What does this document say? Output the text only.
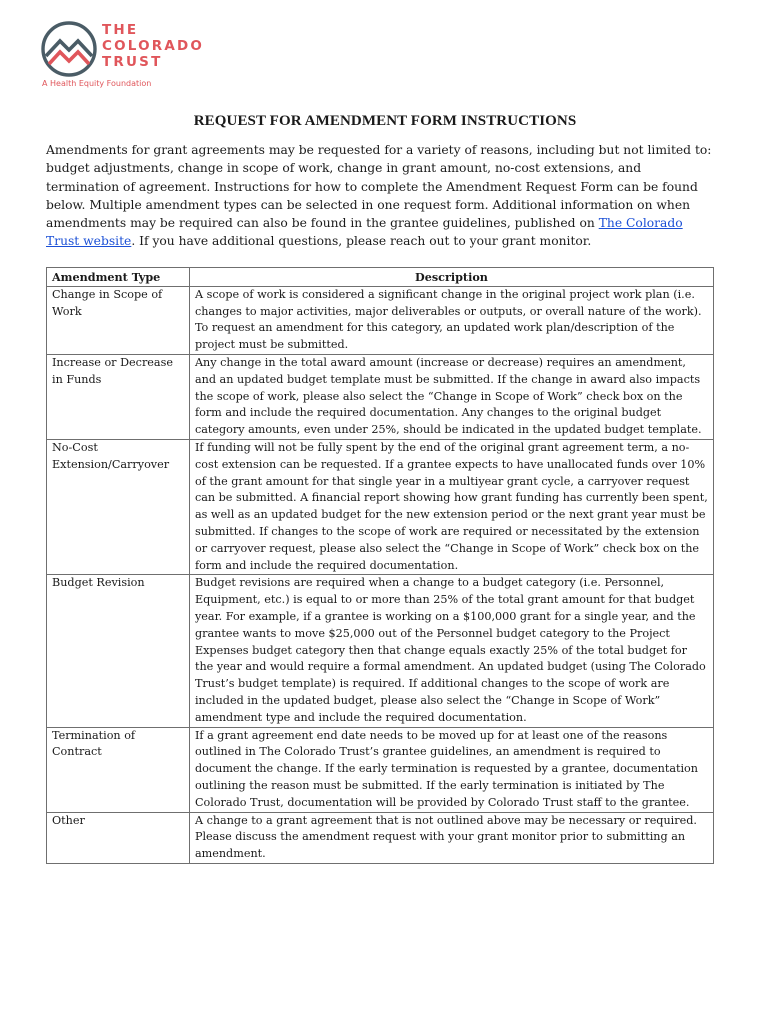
THE
COLORADO
TRUST
A Health Equity Foundation
REQUEST FOR AMENDMENT FORM INSTRUCTIONS
Amendments for grant agreements may be requested for a variety of reasons, including but not limited to: budget adjustments, change in scope of work, change in grant amount, no-cost extensions, and termination of agreement. Instructions for how to complete the Amendment Request Form can be found below. Multiple amendment types can be selected in one request form. Additional information on when amendments may be required can also be found in the grantee guidelines, published on The Colorado Trust website. If you have additional questions, please reach out to your grant monitor.
Amendment Type	Description
Change in Scope of Work	A scope of work is considered a significant change in the original project work plan (i.e. changes to major activities, major deliverables or outputs, or overall nature of the work). To request an amendment for this category, an updated work plan/description of the project must be submitted.
Increase or Decrease in Funds	Any change in the total award amount (increase or decrease) requires an amendment, and an updated budget template must be submitted. If the change in award also impacts the scope of work, please also select the “Change in Scope of Work” check box on the form and include the required documentation. Any changes to the original budget category amounts, even under 25%, should be indicated in the updated budget template.
No-Cost Extension/Carryover	If funding will not be fully spent by the end of the original grant agreement term, a no-cost extension can be requested. If a grantee expects to have unallocated funds over 10% of the grant amount for that single year in a multiyear grant cycle, a carryover request can be submitted. A financial report showing how grant funding has currently been spent, as well as an updated budget for the new extension period or the next grant year must be submitted. If changes to the scope of work are required or necessitated by the extension or carryover request, please also select the “Change in Scope of Work” check box on the form and include the required documentation.
Budget Revision	Budget revisions are required when a change to a budget category (i.e. Personnel, Equipment, etc.) is equal to or more than 25% of the total grant amount for that budget year. For example, if a grantee is working on a $100,000 grant for a single year, and the grantee wants to move $25,000 out of the Personnel budget category to the Project Expenses budget category then that change equals exactly 25% of the total budget for the year and would require a formal amendment. An updated budget (using The Colorado Trust’s budget template) is required. If additional changes to the scope of work are included in the updated budget, please also select the “Change in Scope of Work” amendment type and include the required documentation.
Termination of Contract	If a grant agreement end date needs to be moved up for at least one of the reasons outlined in The Colorado Trust’s grantee guidelines, an amendment is required to document the change. If the early termination is requested by a grantee, documentation outlining the reason must be submitted. If the early termination is initiated by The Colorado Trust, documentation will be provided by Colorado Trust staff to the grantee.
Other	A change to a grant agreement that is not outlined above may be necessary or required. Please discuss the amendment request with your grant monitor prior to submitting an amendment.
